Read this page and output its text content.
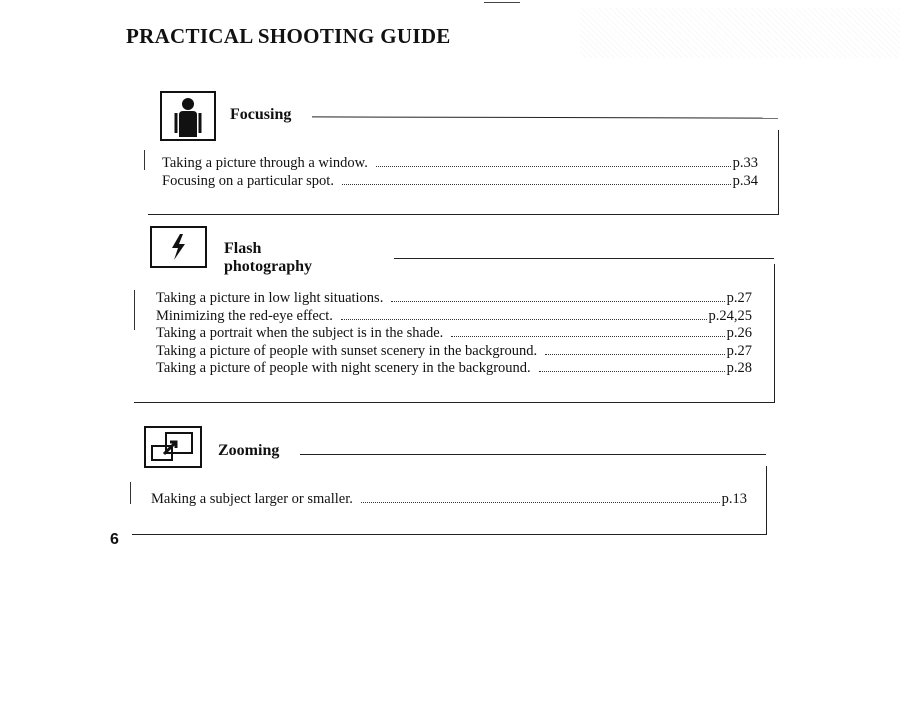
PRACTICAL SHOOTING GUIDE
Focusing
Taking a picture through a window.	p.33
Focusing on a particular spot.	p.34
Flash photography
Taking a picture in low light situations.	p.27
Minimizing the red-eye effect.	p.24,25
Taking a portrait when the subject is in the shade.	p.26
Taking a picture of people with sunset scenery in the background.	p.27
Taking a picture of people with night scenery in the background.	p.28
Zooming
Making a subject larger or smaller.	p.13
6
